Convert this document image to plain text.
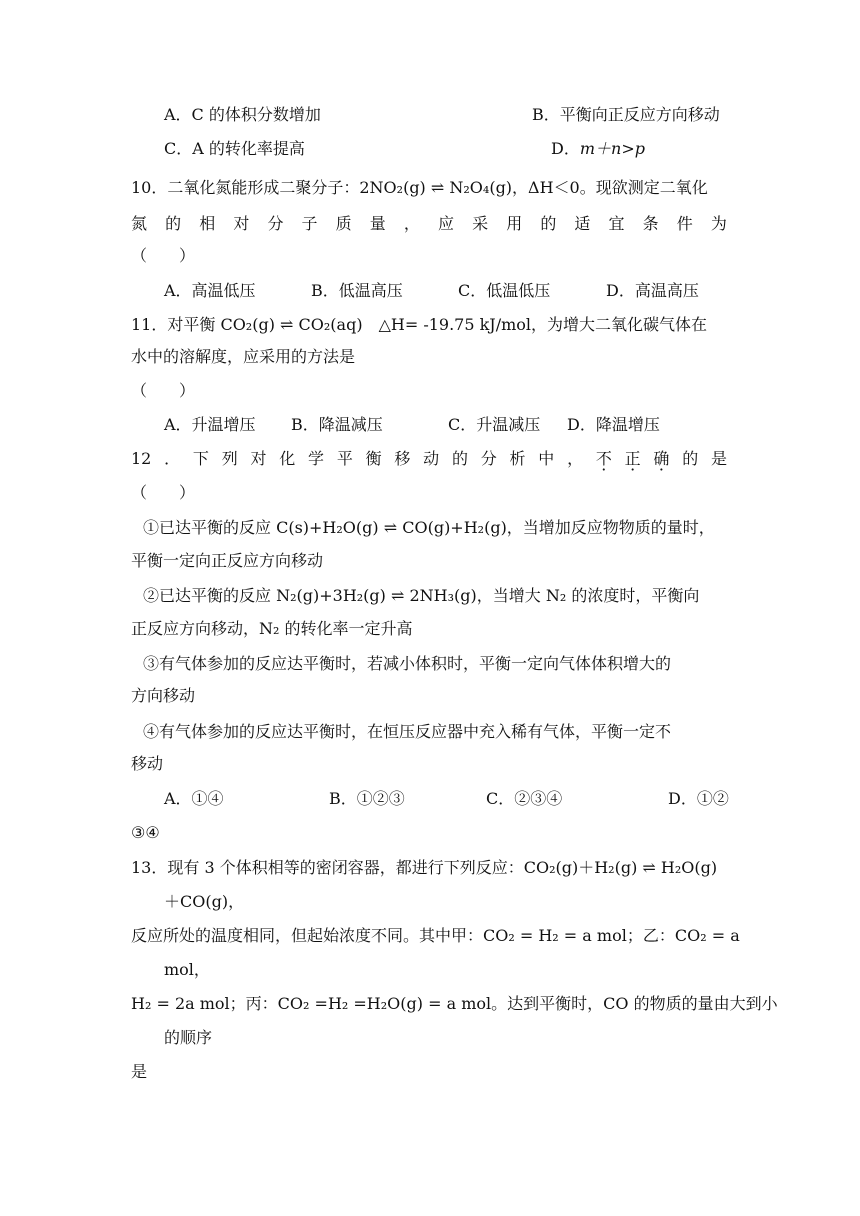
A．C 的体积分数增加	B．平衡向正反应方向移动
C．A 的转化率提高	D．m＋n>p
10．二氧化氮能形成二聚分子：2NO₂(g) ⇌ N₂O₄(g)，ΔH＜0。现欲测定二氧化
氮 的 相 对 分 子 质 量 ， 应 采 用 的 适 宜 条 件 为
（　　）
A．高温低压	B．低温高压	C．低温低压	D．高温高压
11．对平衡 CO₂(g) ⇌ CO₂(aq)　△H= -19.75 kJ/mol，为增大二氧化碳气体在
水中的溶解度，应采用的方法是
（　　）
A．升温增压 B．降温减压	C．升温减压 D．降温增压
12 ． 下 列 对 化 学 平 衡 移 动 的 分 析 中 ， 不 · 正 · 确 · 的 是
（　　）
①已达平衡的反应 C(s)+H₂O(g) ⇌ CO(g)+H₂(g)，当增加反应物物质的量时，
平衡一定向正反应方向移动
②已达平衡的反应 N₂(g)+3H₂(g) ⇌ 2NH₃(g)，当增大 N₂ 的浓度时，平衡向
正反应方向移动，N₂ 的转化率一定升高
③有气体参加的反应达平衡时，若减小体积时，平衡一定向气体体积增大的
方向移动
④有气体参加的反应达平衡时，在恒压反应器中充入稀有气体，平衡一定不
移动
A．①④	B．①②③	C．②③④	D．①②
③④
13．现有 3 个体积相等的密闭容器，都进行下列反应：CO₂(g)＋H₂(g) ⇌ H₂O(g)
＋CO(g)，
反应所处的温度相同，但起始浓度不同。其中甲：CO₂ = H₂ = a mol；乙：CO₂ = a
mol，
H₂ = 2a mol；丙：CO₂ =H₂ =H₂O(g) = a mol。达到平衡时，CO 的物质的量由大到小
的顺序
是
